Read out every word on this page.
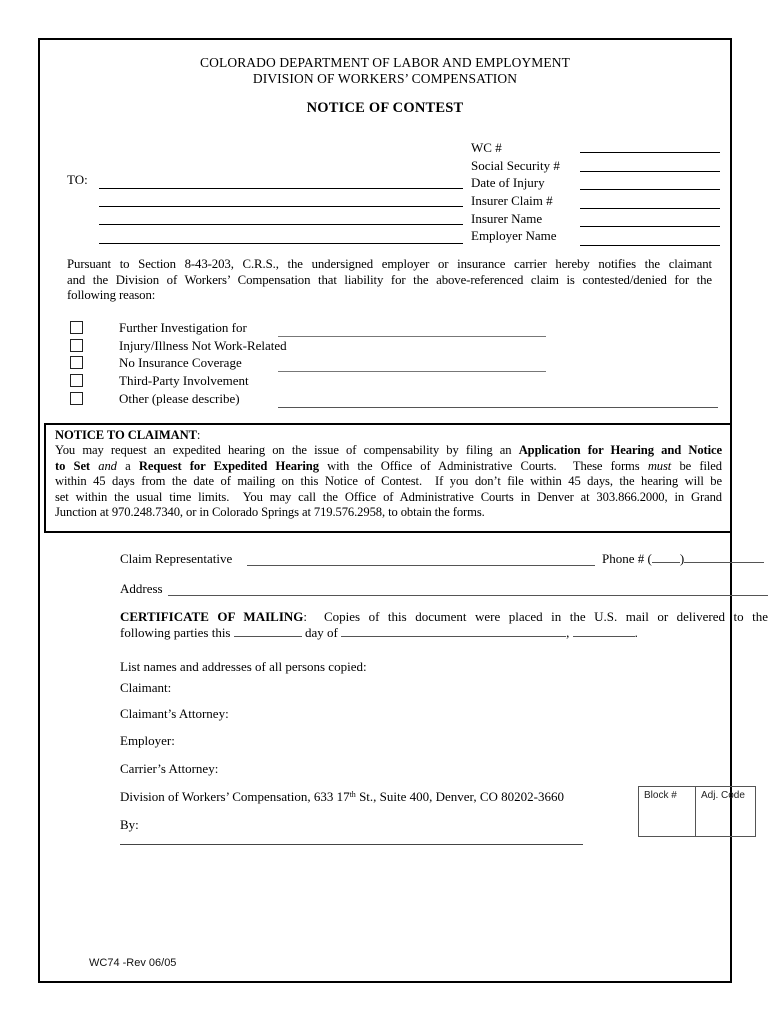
COLORADO DEPARTMENT OF LABOR AND EMPLOYMENT
DIVISION OF WORKERS’ COMPENSATION
NOTICE OF CONTEST
WC #
Social Security #
Date of Injury
Insurer Claim #
Insurer Name
Employer Name
TO:
Pursuant to Section 8-43-203, C.R.S., the undersigned employer or insurance carrier hereby notifies the claimant
and the Division of Workers’ Compensation that liability for the above-referenced claim is contested/denied for the
following reason:
Further Investigation for
Injury/Illness Not Work-Related
No Insurance Coverage
Third-Party Involvement
Other (please describe)
NOTICE TO CLAIMANT:
You may request an expedited hearing on the issue of compensability by filing an Application for Hearing and Notice
to Set and a Request for Expedited Hearing with the Office of Administrative Courts.  These forms must be filed
within 45 days from the date of mailing on this Notice of Contest.  If you don’t file within 45 days, the hearing will be
set within the usual time limits.  You may call the Office of Administrative Courts in Denver at 303.866.2000, in Grand
Junction at 970.248.7340, or in Colorado Springs at 719.576.2958, to obtain the forms.
Claim Representative	Phone # ( )
Address
CERTIFICATE OF MAILING:  Copies of this document were placed in the U.S. mail or delivered to the
following parties this	day of	,	.
List names and addresses of all persons copied:
Claimant:
Claimant’s Attorney:
Employer:
Carrier’s Attorney:
Division of Workers’ Compensation, 633 17th St., Suite 400, Denver, CO 80202-3660
By:
Block #	Adj. Code
WC74 -Rev 06/05
